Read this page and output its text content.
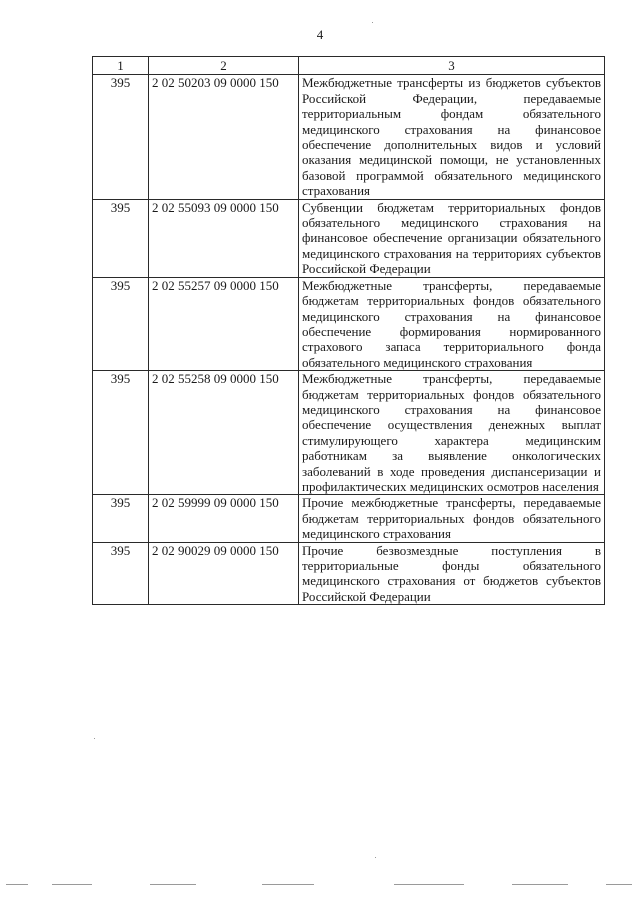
4
1	2	3
395	2 02 50203 09 0000 150	Межбюджетные трансферты из бюджетов субъектов Российской Федерации, передаваемые территориальным фондам обязательного медицинского страхования на финансовое обеспечение дополнительных видов и условий оказания медицинской помощи, не установленных базовой программой обязательного медицинского страхования
395	2 02 55093 09 0000 150	Субвенции бюджетам территориальных фондов обязательного медицинского страхования на финансовое обеспечение организации обязательного медицинского страхования на территориях субъектов Российской Федерации
395	2 02 55257 09 0000 150	Межбюджетные трансферты, передаваемые бюджетам территориальных фондов обязательного медицинского страхования на финансовое обеспечение формирования нормированного страхового запаса территориального фонда обязательного медицинского страхования
395	2 02 55258 09 0000 150	Межбюджетные трансферты, передаваемые бюджетам территориальных фондов обязательного медицинского страхования на финансовое обеспечение осуществления денежных выплат стимулирующего характера медицинским работникам за выявление онкологических заболеваний в ходе проведения диспансеризации и профилактических медицинских осмотров населения
395	2 02 59999 09 0000 150	Прочие межбюджетные трансферты, передаваемые бюджетам территориальных фондов обязательного медицинского страхования
395	2 02 90029 09 0000 150	Прочие безвозмездные поступления в территориальные фонды обязательного медицинского страхования от бюджетов субъектов Российской Федерации
